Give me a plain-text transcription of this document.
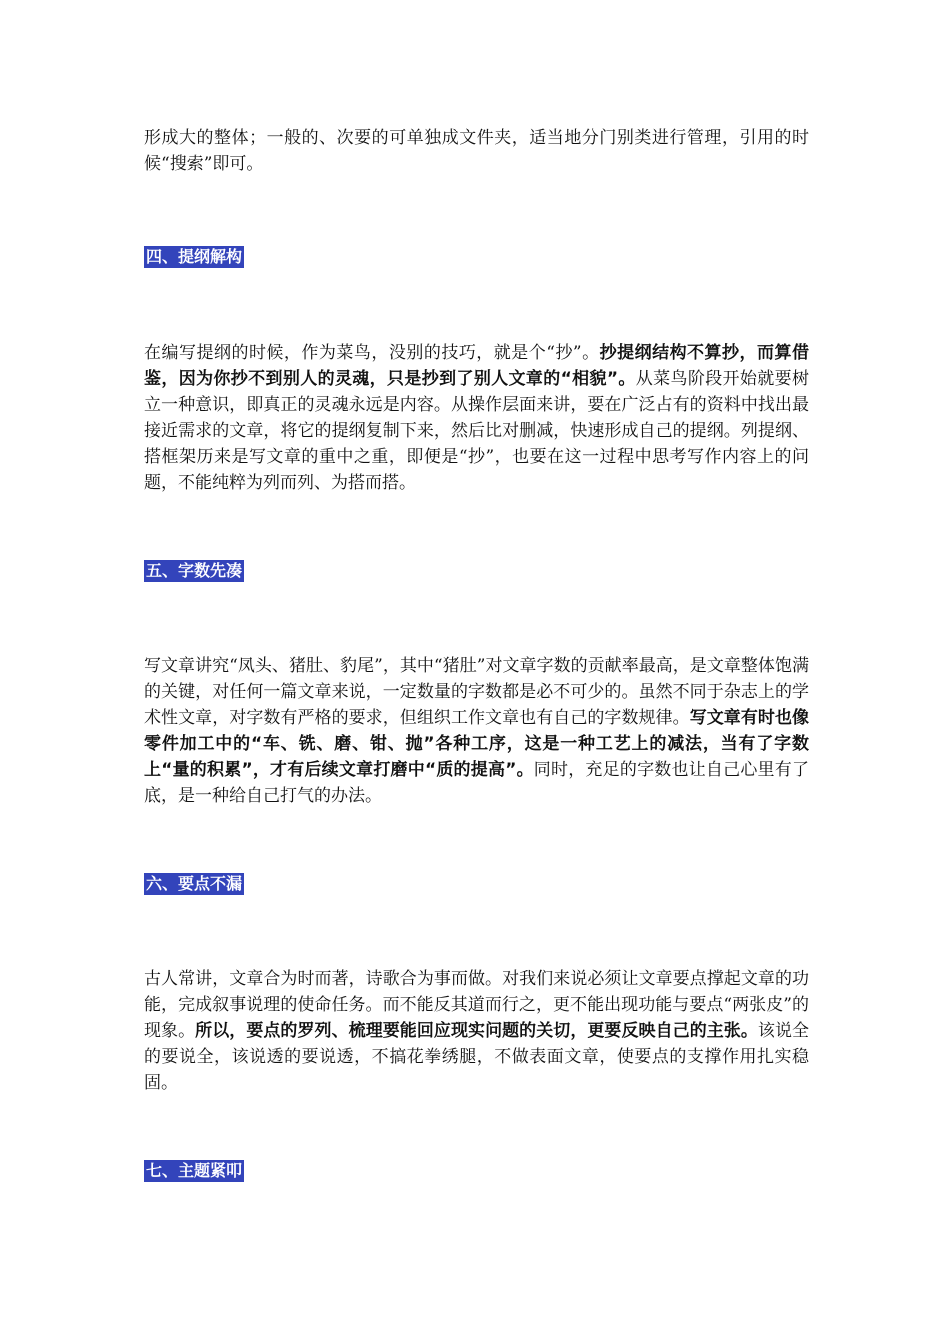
形成大的整体；一般的、次要的可单独成文件夹，适当地分门别类进行管理，引用的时候“搜索”即可。

四、提纲解构

在编写提纲的时候，作为菜鸟，没别的技巧，就是个“抄”。抄提纲结构不算抄，而算借鉴，因为你抄不到别人的灵魂，只是抄到了别人文章的“相貌”。从菜鸟阶段开始就要树立一种意识，即真正的灵魂永远是内容。从操作层面来讲，要在广泛占有的资料中找出最接近需求的文章，将它的提纲复制下来，然后比对删减，快速形成自己的提纲。列提纲、搭框架历来是写文章的重中之重，即便是“抄”，也要在这一过程中思考写作内容上的问题，不能纯粹为列而列、为搭而搭。

五、字数先凑

写文章讲究“凤头、猪肚、豹尾”，其中“猪肚”对文章字数的贡献率最高，是文章整体饱满的关键，对任何一篇文章来说，一定数量的字数都是必不可少的。虽然不同于杂志上的学术性文章，对字数有严格的要求，但组织工作文章也有自己的字数规律。写文章有时也像零件加工中的“车、铣、磨、钳、抛”各种工序，这是一种工艺上的减法，当有了字数上“量的积累”，才有后续文章打磨中“质的提高”。同时，充足的字数也让自己心里有了底，是一种给自己打气的办法。

六、要点不漏

古人常讲，文章合为时而著，诗歌合为事而做。对我们来说必须让文章要点撑起文章的功能，完成叙事说理的使命任务。而不能反其道而行之，更不能出现功能与要点“两张皮”的现象。所以，要点的罗列、梳理要能回应现实问题的关切，更要反映自己的主张。该说全的要说全，该说透的要说透，不搞花拳绣腿，不做表面文章，使要点的支撑作用扎实稳固。

七、主题紧叩
